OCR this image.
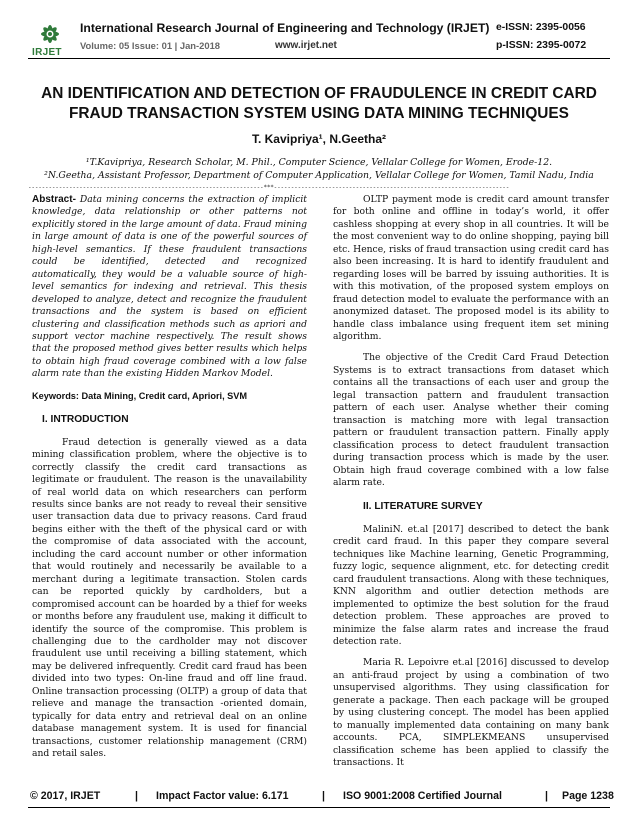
IRJET
International Research Journal of Engineering and Technology (IRJET) e-ISSN: 2395-0056
Volume: 05 Issue: 01 | Jan-2018	www.irjet.net	p-ISSN: 2395-0072
AN IDENTIFICATION AND DETECTION OF FRAUDULENCE IN CREDIT CARD
FRAUD TRANSACTION SYSTEM USING DATA MINING TECHNIQUES
T. Kavipriya¹, N.Geetha²
¹T.Kavipriya, Research Scholar, M. Phil., Computer Science, Vellalar College for Women, Erode-12.
²N.Geetha, Assistant Professor, Department of Computer Application, Vellalar College for Women, Tamil Nadu, India
---------------------------------------------------------------------***---------------------------------------------------------------------

Abstract- Data mining concerns the extraction of implicit knowledge, data relationship or other patterns not explicitly stored in the large amount of data. Fraud mining in large amount of data is one of the powerful sources of high-level semantics. If these fraudulent transactions could be identified, detected and recognized automatically, they would be a valuable source of high-level semantics for indexing and retrieval. This thesis developed to analyze, detect and recognize the fraudulent transactions and the system is based on efficient clustering and classification methods such as apriori and support vector machine respectively. The result shows that the proposed method gives better results which helps to obtain high fraud coverage combined with a low false alarm rate than the existing Hidden Markov Model.

Keywords: Data Mining, Credit card, Apriori, SVM

I. INTRODUCTION

Fraud detection is generally viewed as a data mining classification problem, where the objective is to correctly classify the credit card transactions as legitimate or fraudulent. The reason is the unavailability of real world data on which researchers can perform results since banks are not ready to reveal their sensitive user transaction data due to privacy reasons. Card fraud begins either with the theft of the physical card or with the compromise of data associated with the account, including the card account number or other information that would routinely and necessarily be available to a merchant during a legitimate transaction. Stolen cards can be reported quickly by cardholders, but a compromised account can be hoarded by a thief for weeks or months before any fraudulent use, making it difficult to identify the source of the compromise. This problem is challenging due to the cardholder may not discover fraudulent use until receiving a billing statement, which may be delivered infrequently. Credit card fraud has been divided into two types: On-line fraud and off line fraud. Online transaction processing (OLTP) a group of data that relieve and manage the transaction -oriented domain, typically for data entry and retrieval deal on an online database management system. It is used for financial transactions, customer relationship management (CRM) and retail sales.

OLTP payment mode is credit card amount transfer for both online and offline in today’s world, it offer cashless shopping at every shop in all countries. It will be the most convenient way to do online shopping, paying bill etc. Hence, risks of fraud transaction using credit card has also been increasing. It is hard to identify fraudulent and regarding loses will be barred by issuing authorities. It is with this motivation, of the proposed system employs on fraud detection model to evaluate the performance with an anonymized dataset. The proposed model is its ability to handle class imbalance using frequent item set mining algorithm.

The objective of the Credit Card Fraud Detection Systems is to extract transactions from dataset which contains all the transactions of each user and group the legal transaction pattern and fraudulent transaction pattern of each user. Analyse whether their coming transaction is matching more with legal transaction pattern or fraudulent transaction pattern. Finally apply classification process to detect fraudulent transaction during transaction process which is made by the user. Obtain high fraud coverage combined with a low false alarm rate.

II. LITERATURE SURVEY

MaliniN. et.al [2017] described to detect the bank credit card fraud. In this paper they compare several techniques like Machine learning, Genetic Programming, fuzzy logic, sequence alignment, etc. for detecting credit card fraudulent transactions. Along with these techniques, KNN algorithm and outlier detection methods are implemented to optimize the best solution for the fraud detection problem. These approaches are proved to minimize the false alarm rates and increase the fraud detection rate.

Maria R. Lepoivre et.al [2016] discussed to develop an anti-fraud project by using a combination of two unsupervised algorithms. They using classification for generate a package. Then each package will be grouped by using clustering concept. The model has been applied to manually implemented data containing on many bank accounts. PCA, SIMPLEKMEANS unsupervised classification scheme has been applied to classify the transactions. It

© 2017, IRJET	| Impact Factor value: 6.171	| ISO 9001:2008 Certified Journal	| Page 1238
